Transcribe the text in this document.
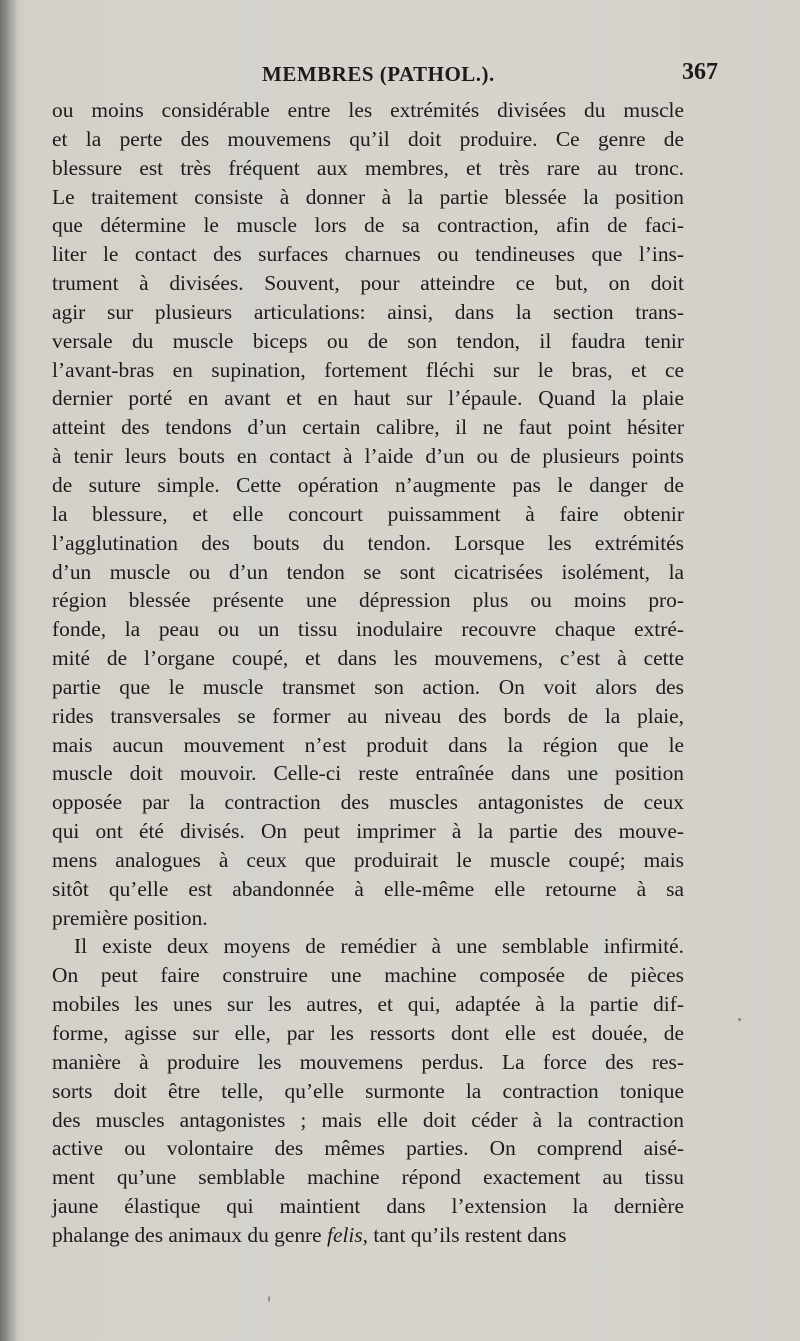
MEMBRES (PATHOL.).	367
ou moins considérable entre les extrémités divisées du muscle
et la perte des mouvemens qu’il doit produire. Ce genre de
blessure est très fréquent aux membres, et très rare au tronc.
Le traitement consiste à donner à la partie blessée la position
que détermine le muscle lors de sa contraction, afin de faci-
liter le contact des surfaces charnues ou tendineuses que l’ins-
trument à divisées. Souvent, pour atteindre ce but, on doit
agir sur plusieurs articulations: ainsi, dans la section trans-
versale du muscle biceps ou de son tendon, il faudra tenir
l’avant-bras en supination, fortement fléchi sur le bras, et ce
dernier porté en avant et en haut sur l’épaule. Quand la plaie
atteint des tendons d’un certain calibre, il ne faut point hésiter
à tenir leurs bouts en contact à l’aide d’un ou de plusieurs points
de suture simple. Cette opération n’augmente pas le danger de
la blessure, et elle concourt puissamment à faire obtenir
l’agglutination des bouts du tendon. Lorsque les extrémités
d’un muscle ou d’un tendon se sont cicatrisées isolément, la
région blessée présente une dépression plus ou moins pro-
fonde, la peau ou un tissu inodulaire recouvre chaque extré-
mité de l’organe coupé, et dans les mouvemens, c’est à cette
partie que le muscle transmet son action. On voit alors des
rides transversales se former au niveau des bords de la plaie,
mais aucun mouvement n’est produit dans la région que le
muscle doit mouvoir. Celle-ci reste entraînée dans une position
opposée par la contraction des muscles antagonistes de ceux
qui ont été divisés. On peut imprimer à la partie des mouve-
mens analogues à ceux que produirait le muscle coupé; mais
sitôt qu’elle est abandonnée à elle-même elle retourne à sa
première position.
Il existe deux moyens de remédier à une semblable infirmité.
On peut faire construire une machine composée de pièces
mobiles les unes sur les autres, et qui, adaptée à la partie dif-
forme, agisse sur elle, par les ressorts dont elle est douée, de
manière à produire les mouvemens perdus. La force des res-
sorts doit être telle, qu’elle surmonte la contraction tonique
des muscles antagonistes ; mais elle doit céder à la contraction
active ou volontaire des mêmes parties. On comprend aisé-
ment qu’une semblable machine répond exactement au tissu
jaune élastique qui maintient dans l’extension la dernière
phalange des animaux du genre felis, tant qu’ils restent dans
